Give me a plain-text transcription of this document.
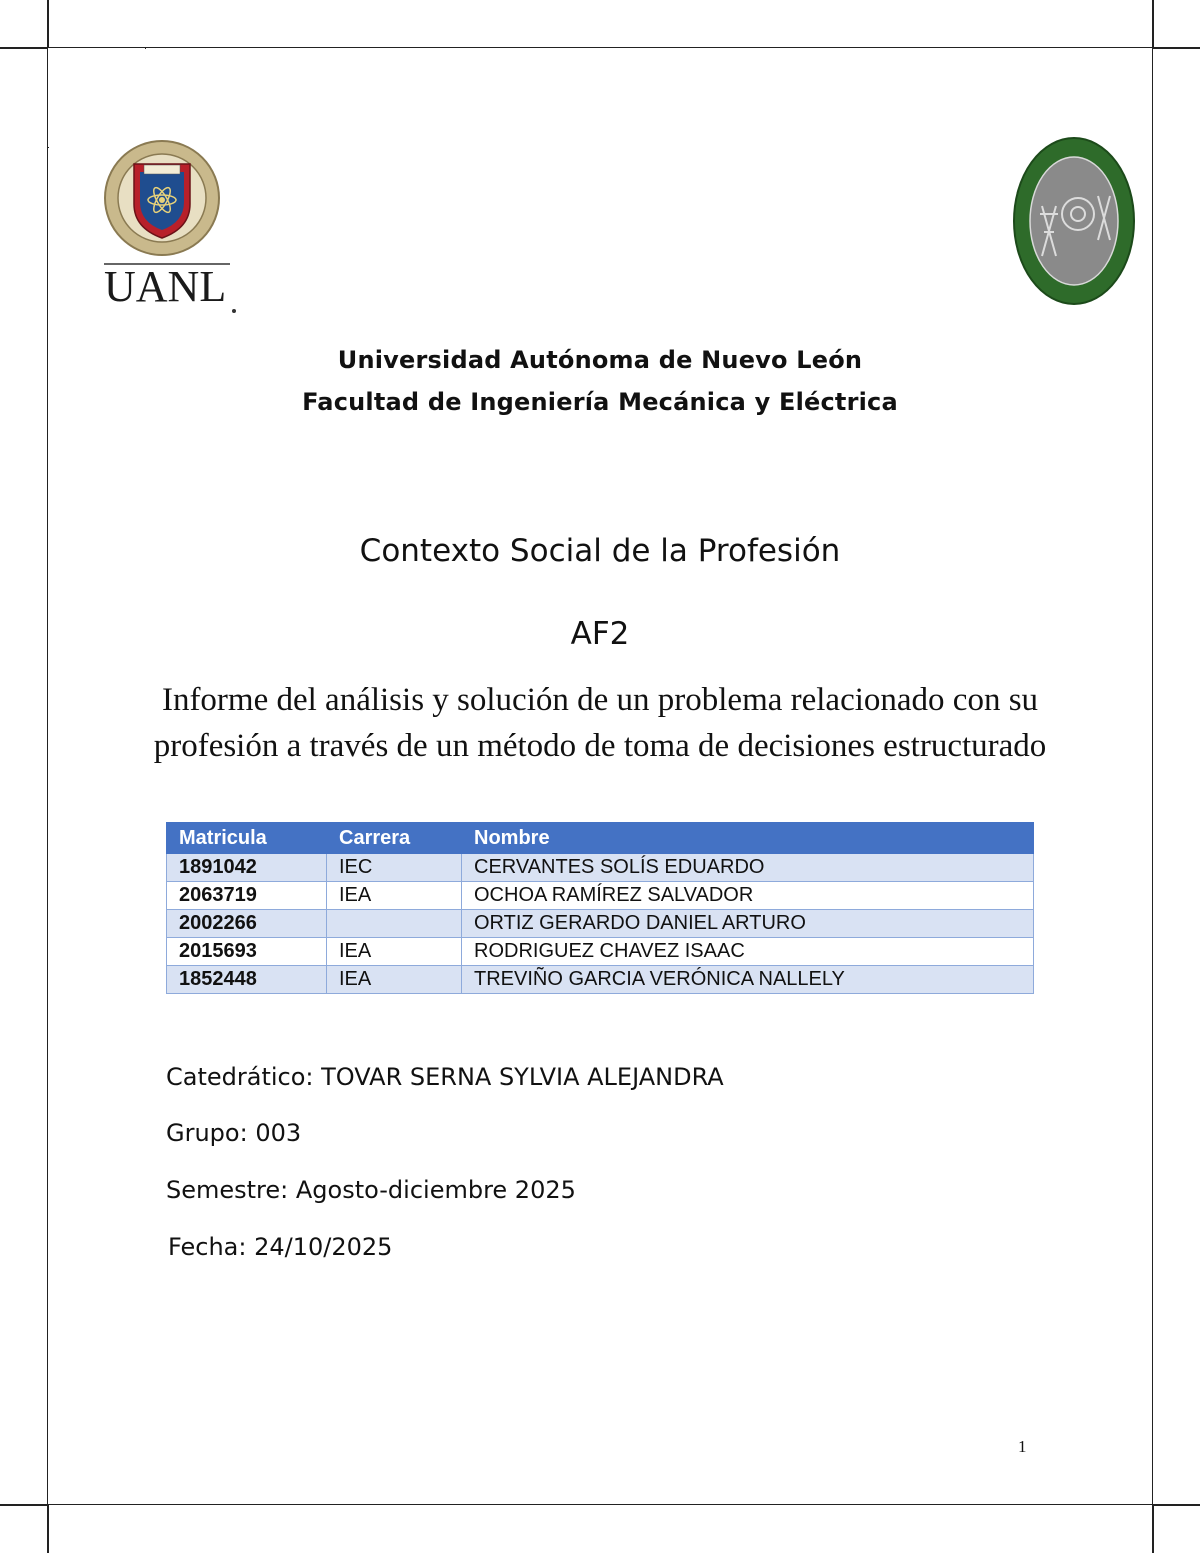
UANL
Universidad Autónoma de Nuevo León
Facultad de Ingeniería Mecánica y Eléctrica
Contexto Social de la Profesión
AF2
Informe del análisis y solución de un problema relacionado con su profesión a través de un método de toma de decisiones estructurado
Matricula	Carrera	Nombre
1891042	IEC	CERVANTES SOLÍS EDUARDO
2063719	IEA	OCHOA RAMÍREZ SALVADOR
2002266		ORTIZ GERARDO DANIEL ARTURO
2015693	IEA	RODRIGUEZ CHAVEZ ISAAC
1852448	IEA	TREVIÑO GARCIA VERÓNICA NALLELY
Catedrático: TOVAR SERNA SYLVIA ALEJANDRA
Grupo: 003
Semestre: Agosto-diciembre 2025
Fecha: 24/10/2025
1
